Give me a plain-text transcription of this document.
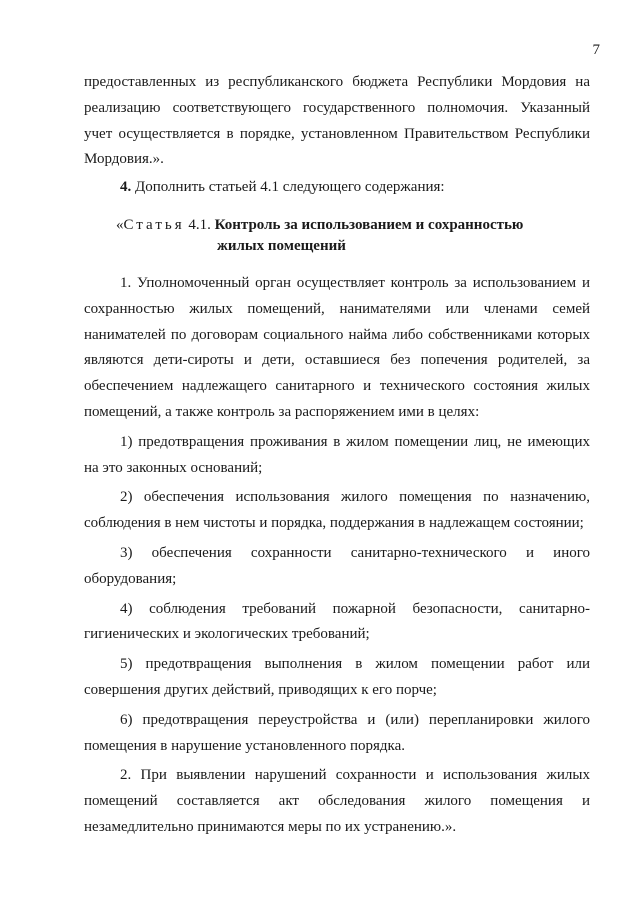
7

предоставленных из республиканского бюджета Республики Мордовия на

реализацию соответствующего государственного полномочия. Указанный

учет осуществляется в порядке, установленном Правительством Республики

Мордовия.».

4. Дополнить статьей 4.1 следующего содержания:

«Статья 4.1. Контроль за использованием и сохранностью
жилых помещений

1. Уполномоченный орган осуществляет контроль за использованием и

сохранностью жилых помещений, нанимателями или членами семей

нанимателей по договорам социального найма либо собственниками которых

являются дети-сироты и дети, оставшиеся без попечения родителей, за

обеспечением надлежащего санитарного и технического состояния жилых

помещений, а также контроль за распоряжением ими в целях:

1) предотвращения проживания в жилом помещении лиц, не имеющих

на это законных оснований;

2) обеспечения использования жилого помещения по назначению,

соблюдения в нем чистоты и порядка, поддержания в надлежащем состоянии;

3) обеспечения сохранности санитарно-технического и иного

оборудования;

4) соблюдения требований пожарной безопасности, санитарно-

гигиенических и экологических требований;

5) предотвращения выполнения в жилом помещении работ или

совершения других действий, приводящих к его порче;

6) предотвращения переустройства и (или) перепланировки жилого

помещения в нарушение установленного порядка.

2. При выявлении нарушений сохранности и использования жилых

помещений составляется акт обследования жилого помещения и

незамедлительно принимаются меры по их устранению.».
